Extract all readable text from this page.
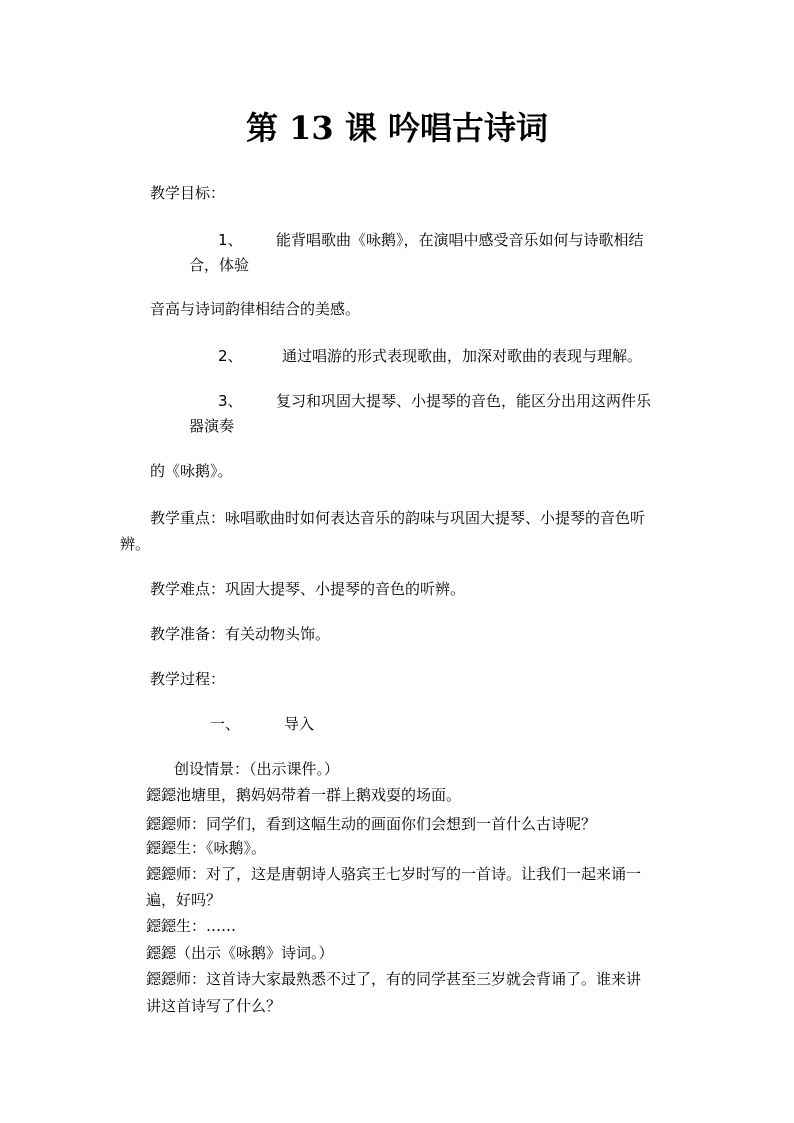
第 13 课 吟唱古诗词
教学目标：
1、 能背唱歌曲《咏鹅》，在演唱中感受音乐如何与诗歌相结
合，体验
音高与诗词韵律相结合的美感。
2、	通过唱游的形式表现歌曲，加深对歌曲的表现与理解。
3、 复习和巩固大提琴、小提琴的音色，能区分出用这两件乐
器演奏
的《咏鹅》。
教学重点：咏唱歌曲时如何表达音乐的韵味与巩固大提琴、小提琴的音色听
辨。
教学难点：巩固大提琴、小提琴的音色的听辨。
教学准备：有关动物头饰。
教学过程：
一、	导入
创设情景：（出示课件。）
鐚鐚池塘里，鹅妈妈带着一群上鹅戏耍的场面。
鐚鐚师：同学们，看到这幅生动的画面你们会想到一首什么古诗呢？
鐚鐚生：《咏鹅》。
鐚鐚师：对了，这是唐朝诗人骆宾王七岁时写的一首诗。让我们一起来诵一
遍，好吗？
鐚鐚生：……
鐚鐚（出示《咏鹅》诗词。）
鐚鐚师：这首诗大家最熟悉不过了，有的同学甚至三岁就会背诵了。谁来讲
讲这首诗写了什么？
